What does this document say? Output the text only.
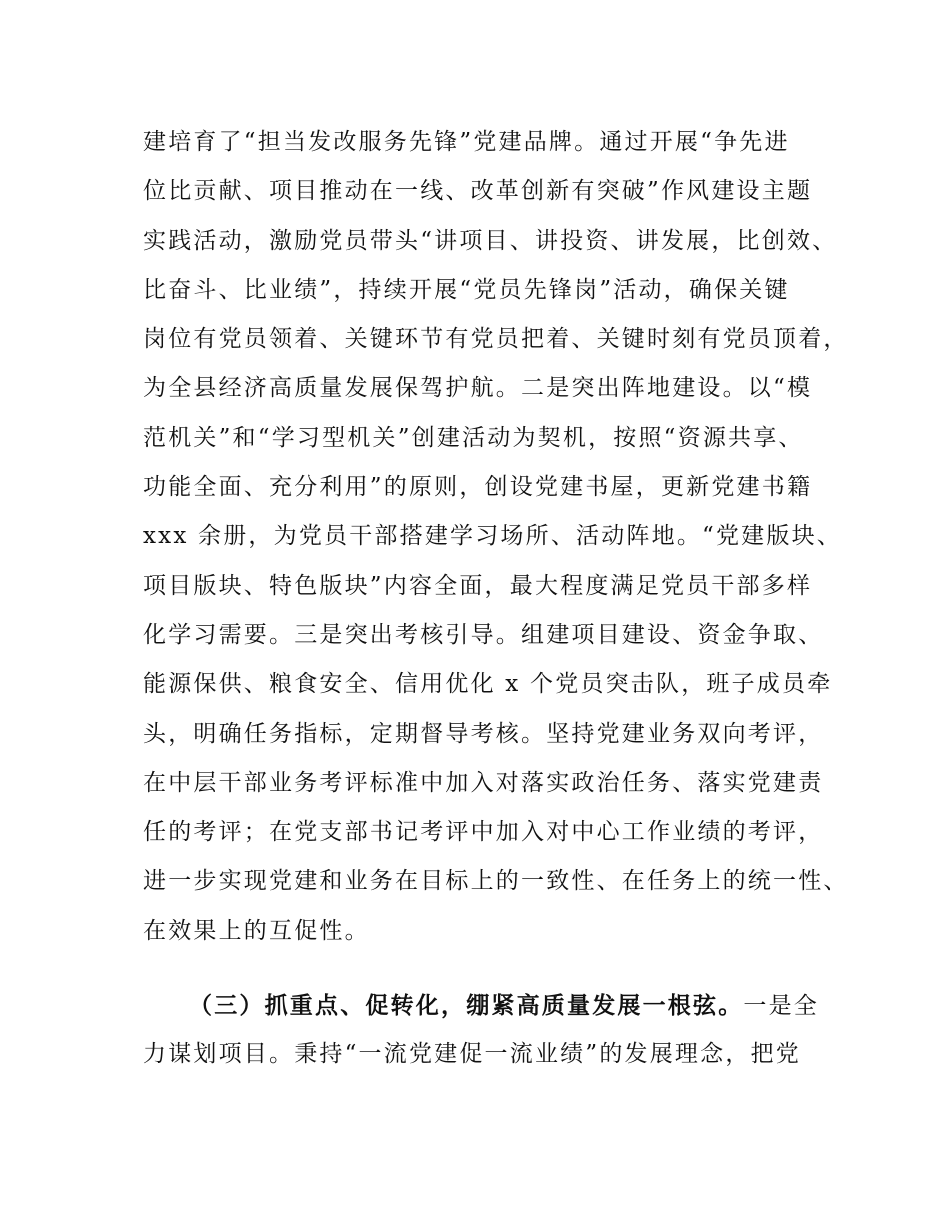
建培育了“担当发改服务先锋”党建品牌。通过开展“争先进
位比贡献、项目推动在一线、改革创新有突破”作风建设主题
实践活动，激励党员带头“讲项目、讲投资、讲发展，比创效、
比奋斗、比业绩”，持续开展“党员先锋岗”活动，确保关键
岗位有党员领着、关键环节有党员把着、关键时刻有党员顶着，
为全县经济高质量发展保驾护航。二是突出阵地建设。以“模
范机关”和“学习型机关”创建活动为契机，按照“资源共享、
功能全面、充分利用”的原则，创设党建书屋，更新党建书籍
xxx 余册，为党员干部搭建学习场所、活动阵地。“党建版块、
项目版块、特色版块”内容全面，最大程度满足党员干部多样
化学习需要。三是突出考核引导。组建项目建设、资金争取、
能源保供、粮食安全、信用优化 x 个党员突击队，班子成员牵
头，明确任务指标，定期督导考核。坚持党建业务双向考评，
在中层干部业务考评标准中加入对落实政治任务、落实党建责
任的考评；在党支部书记考评中加入对中心工作业绩的考评，
进一步实现党建和业务在目标上的一致性、在任务上的统一性、
在效果上的互促性。
（三）抓重点、促转化，绷紧高质量发展一根弦。一是全
力谋划项目。秉持“一流党建促一流业绩”的发展理念，把党
